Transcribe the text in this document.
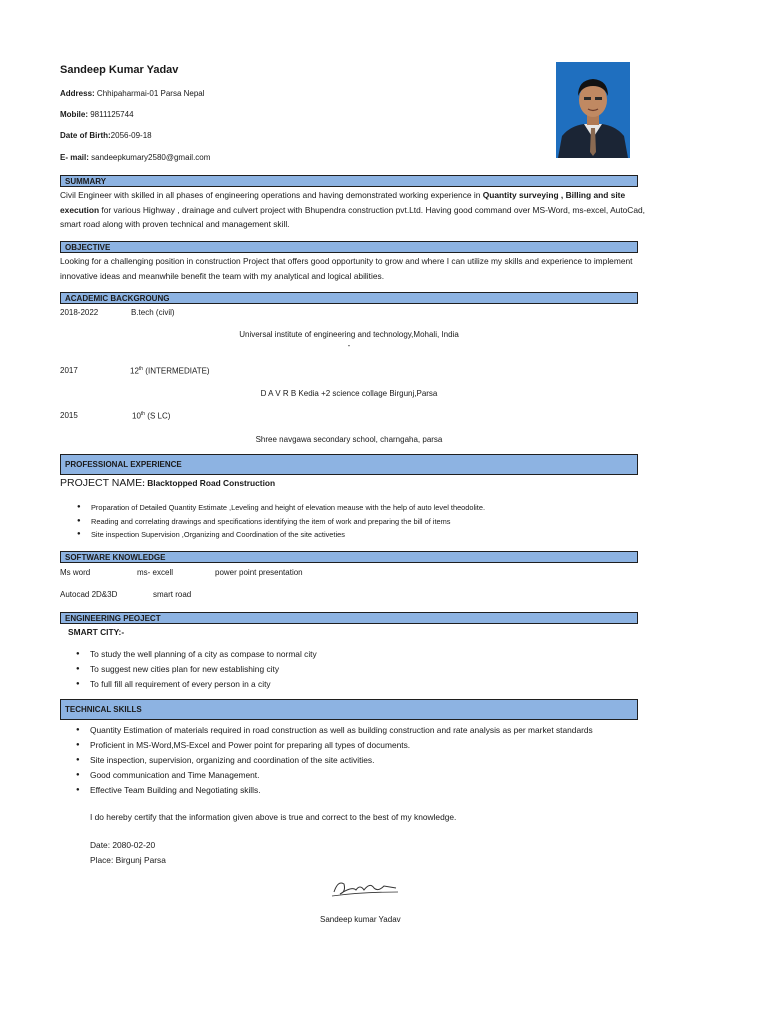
Sandeep Kumar Yadav
Address: Chhipaharmai-01 Parsa Nepal
Mobile: 9811125744
Date of Birth:2056-09-18
E- mail: sandeepkumary2580@gmail.com
SUMMARY
Civil Engineer with skilled in all phases of engineering operations and having demonstrated working experience in Quantity surveying , Billing and site execution for various Highway , drainage and culvert project with Bhupendra construction pvt.Ltd. Having good command over MS-Word, ms-excel, AutoCad, smart road along with proven technical and management skill.
OBJECTIVE
Looking for a challenging position in construction Project that offers good opportunity to grow and where I can utilize my skills and experience to implement innovative ideas and meanwhile benefit the team with my analytical and logical abilities.
ACADEMIC BACKGROUNG
2018-2022	B.tech (civil)
Universal institute of engineering and technology,Mohali, India
-
2017	12th (INTERMEDIATE)
D A V R B Kedia +2 science collage Birgunj,Parsa
2015	10th (S LC)
Shree navgawa secondary school, charngaha, parsa
PROFESSIONAL EXPERIENCE
PROJECT NAME: Blacktopped Road Construction
● Proparation of Detailed Quantity Estimate ,Leveling and height of elevation meause with the help of auto level theodolite.
● Reading and correlating drawings and specifications identifying the item of work and preparing the bill of items
● Site inspection Supervision ,Organizing and Coordination of the site activeties
SOFTWARE KNOWLEDGE
Ms word	ms- excell	power point presentation
Autocad 2D&3D	smart road
ENGINEERING PEOJECT
SMART CITY:-
● To study the well planning of a city as compase to normal city
● To suggest new cities plan for new establishing city
● To full fill all requirement of every person in a city
TECHNICAL SKILLS
● Quantity Estimation of materials required in road construction as well as building construction and rate analysis as per market standards
● Proficient in MS-Word,MS-Excel and Power point for preparing all types of documents.
● Site inspection, supervision, organizing and coordination of the site activities.
● Good communication and Time Management.
● Effective Team Building and Negotiating skills.
I do hereby certify that the information given above is true and correct to the best of my knowledge.
Date: 2080-02-20
Place: Birgunj Parsa
Sandeep kumar Yadav
